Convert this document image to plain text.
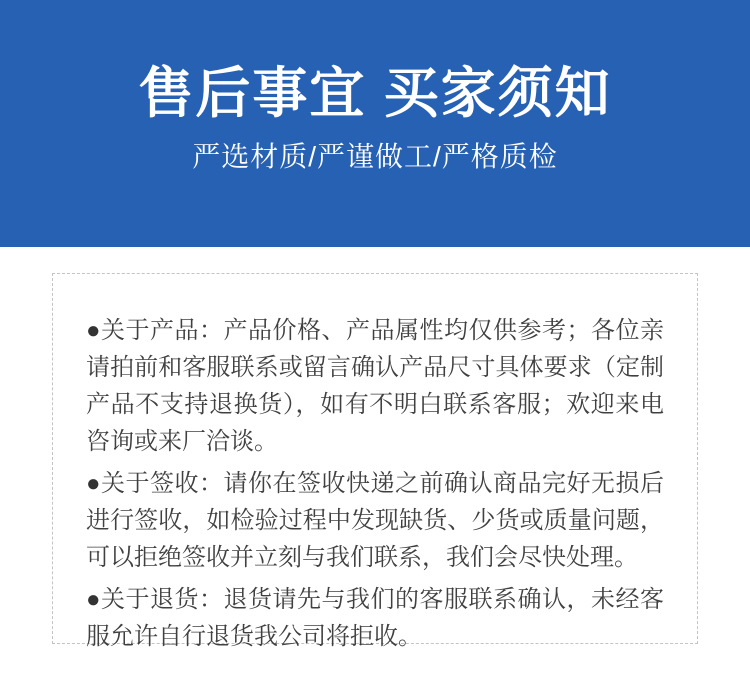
售后事宜 买家须知
严选材质/严谨做工/严格质检

●关于产品：产品价格、产品属性均仅供参考；各位亲请拍前和客服联系或留言确认产品尺寸具体要求（定制产品不支持退换货），如有不明白联系客服；欢迎来电咨询或来厂洽谈。

●关于签收：请你在签收快递之前确认商品完好无损后进行签收，如检验过程中发现缺货、少货或质量问题，可以拒绝签收并立刻与我们联系，我们会尽快处理。

●关于退货：退货请先与我们的客服联系确认，未经客服允许自行退货我公司将拒收。
